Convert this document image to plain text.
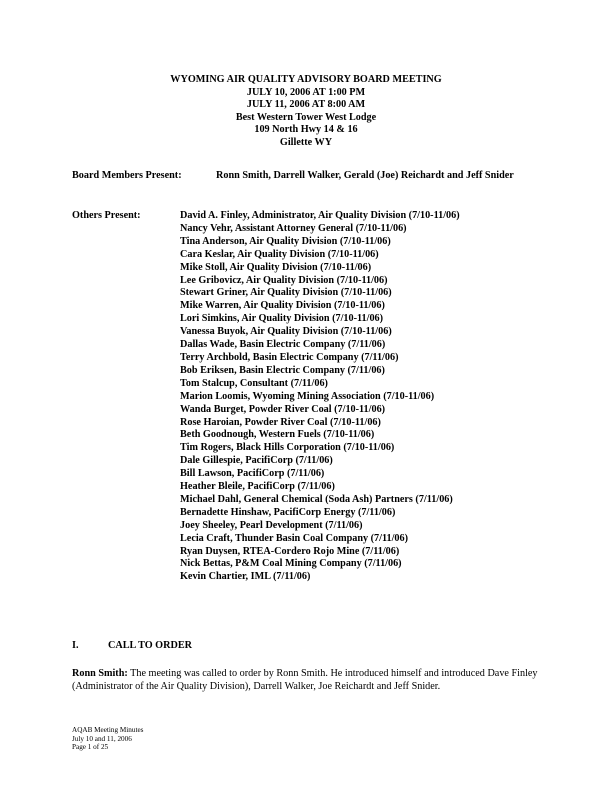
WYOMING AIR QUALITY ADVISORY BOARD MEETING
JULY 10, 2006 AT 1:00 PM
JULY 11, 2006 AT 8:00 AM
Best Western Tower West Lodge
109 North Hwy 14 & 16
Gillette WY
Board Members Present:	Ronn Smith, Darrell Walker, Gerald (Joe) Reichardt and Jeff Snider
Others Present:	David A. Finley, Administrator, Air Quality Division (7/10-11/06)
Nancy Vehr, Assistant Attorney General (7/10-11/06)
Tina Anderson, Air Quality Division (7/10-11/06)
Cara Keslar, Air Quality Division (7/10-11/06)
Mike Stoll, Air Quality Division (7/10-11/06)
Lee Gribovicz, Air Quality Division (7/10-11/06)
Stewart Griner, Air Quality Division (7/10-11/06)
Mike Warren, Air Quality Division (7/10-11/06)
Lori Simkins, Air Quality Division (7/10-11/06)
Vanessa Buyok, Air Quality Division (7/10-11/06)
Dallas Wade, Basin Electric Company (7/11/06)
Terry Archbold, Basin Electric Company (7/11/06)
Bob Eriksen, Basin Electric Company (7/11/06)
Tom Stalcup, Consultant (7/11/06)
Marion Loomis, Wyoming Mining Association (7/10-11/06)
Wanda Burget, Powder River Coal (7/10-11/06)
Rose Haroian, Powder River Coal (7/10-11/06)
Beth Goodnough, Western Fuels (7/10-11/06)
Tim Rogers, Black Hills Corporation (7/10-11/06)
Dale Gillespie, PacifiCorp (7/11/06)
Bill Lawson, PacifiCorp (7/11/06)
Heather Bleile, PacifiCorp (7/11/06)
Michael Dahl, General Chemical (Soda Ash) Partners (7/11/06)
Bernadette Hinshaw, PacifiCorp Energy (7/11/06)
Joey Sheeley, Pearl Development (7/11/06)
Lecia Craft, Thunder Basin Coal Company (7/11/06)
Ryan Duysen, RTEA-Cordero Rojo Mine (7/11/06)
Nick Bettas, P&M Coal Mining Company (7/11/06)
Kevin Chartier, IML (7/11/06)
I.	CALL TO ORDER
Ronn Smith: The meeting was called to order by Ronn Smith. He introduced himself and introduced Dave Finley (Administrator of the Air Quality Division), Darrell Walker, Joe Reichardt and Jeff Snider.
AQAB Meeting Minutes
July 10 and 11, 2006
Page 1 of 25
